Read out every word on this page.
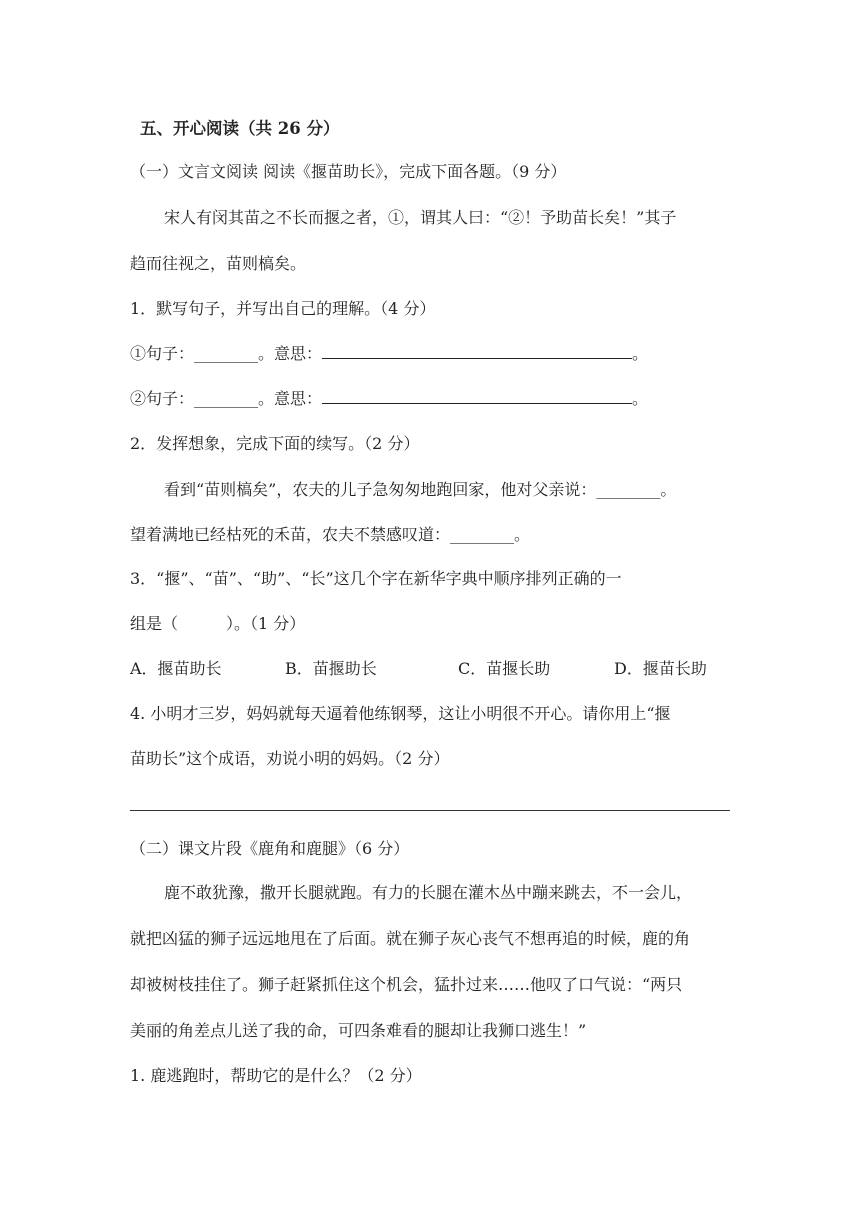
五、开心阅读（共 26 分）
（一）文言文阅读 阅读《揠苗助长》，完成下面各题。（9 分）
宋人有闵其苗之不长而揠之者，①，谓其人曰：“②！予助苗长矣！”其子
趋而往视之，苗则槁矣。
1．默写句子，并写出自己的理解。（4 分）
①句子：________。意思：	。
②句子：________。意思：	。
2．发挥想象，完成下面的续写。（2 分）
看到“苗则槁矣”，农夫的儿子急匆匆地跑回家，他对父亲说：________。
望着满地已经枯死的禾苗，农夫不禁感叹道：________。
3．“揠”、“苗”、“助”、“长”这几个字在新华字典中顺序排列正确的一
组是（　　　）。（1 分）
A．揠苗助长	B．苗揠助长	C．苗揠长助	D．揠苗长助
4. 小明才三岁，妈妈就每天逼着他练钢琴，这让小明很不开心。请你用上“揠
苗助长”这个成语，劝说小明的妈妈。（2 分）
（二）课文片段《鹿角和鹿腿》（6 分）
鹿不敢犹豫，撒开长腿就跑。有力的长腿在灌木丛中蹦来跳去，不一会儿，
就把凶猛的狮子远远地甩在了后面。就在狮子灰心丧气不想再追的时候，鹿的角
却被树枝挂住了。狮子赶紧抓住这个机会，猛扑过来……他叹了口气说：“两只
美丽的角差点儿送了我的命，可四条难看的腿却让我狮口逃生！”
1. 鹿逃跑时，帮助它的是什么？（2 分）
